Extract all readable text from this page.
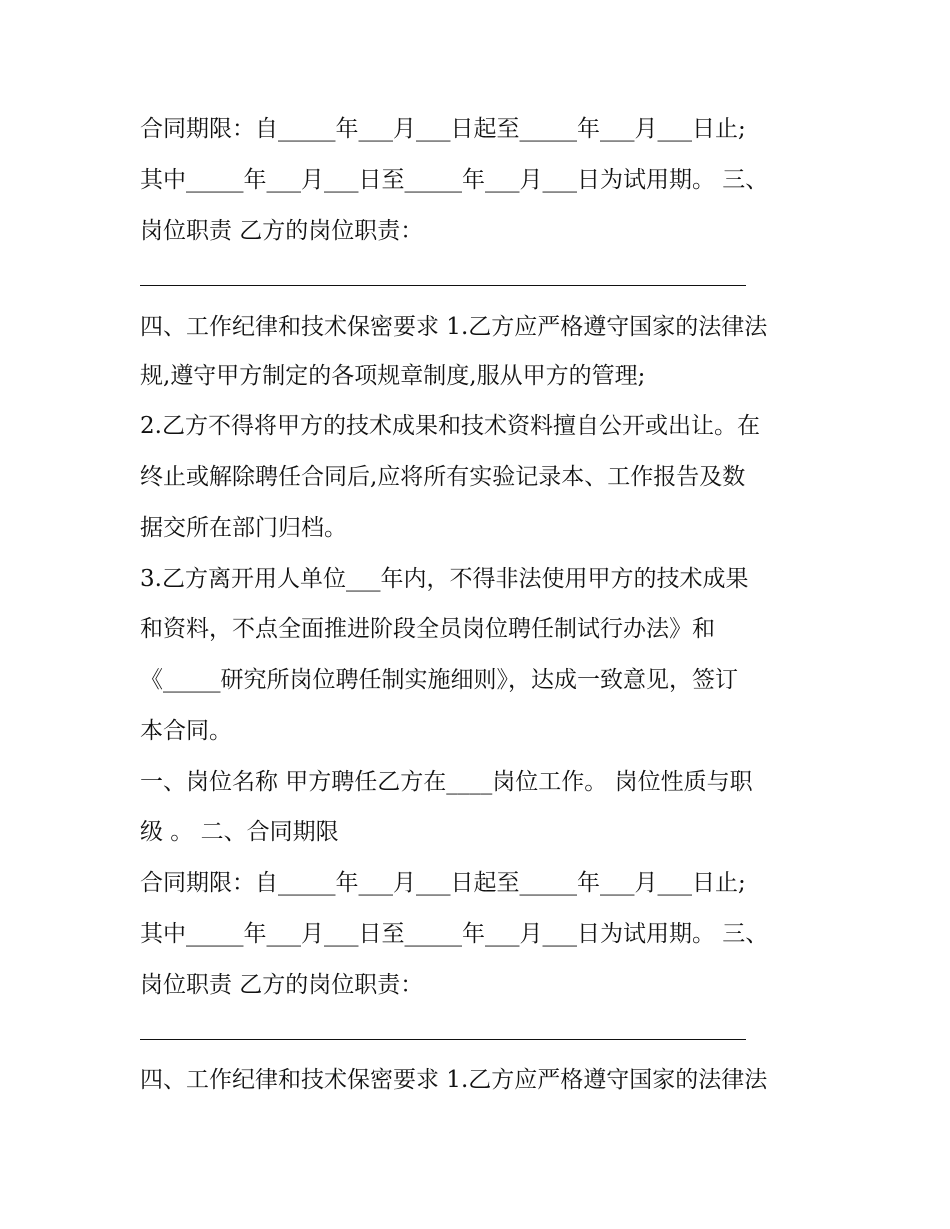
合同期限：自_____年___月___日起至_____年___月___日止;

其中_____年___月___日至_____年___月___日为试用期。 三、

岗位职责 乙方的岗位职责：

四、工作纪律和技术保密要求 1.乙方应严格遵守国家的法律法

规,遵守甲方制定的各项规章制度,服从甲方的管理;

2.乙方不得将甲方的技术成果和技术资料擅自公开或出让。在

终止或解除聘任合同后,应将所有实验记录本、工作报告及数

据交所在部门归档。

3.乙方离开用人单位___年内，不得非法使用甲方的技术成果

和资料，不点全面推进阶段全员岗位聘任制试行办法》和

《_____研究所岗位聘任制实施细则》，达成一致意见，签订

本合同。

一、岗位名称 甲方聘任乙方在____岗位工作。 岗位性质与职

级 。 二、合同期限

合同期限：自_____年___月___日起至_____年___月___日止;

其中_____年___月___日至_____年___月___日为试用期。 三、

岗位职责 乙方的岗位职责：

四、工作纪律和技术保密要求 1.乙方应严格遵守国家的法律法
